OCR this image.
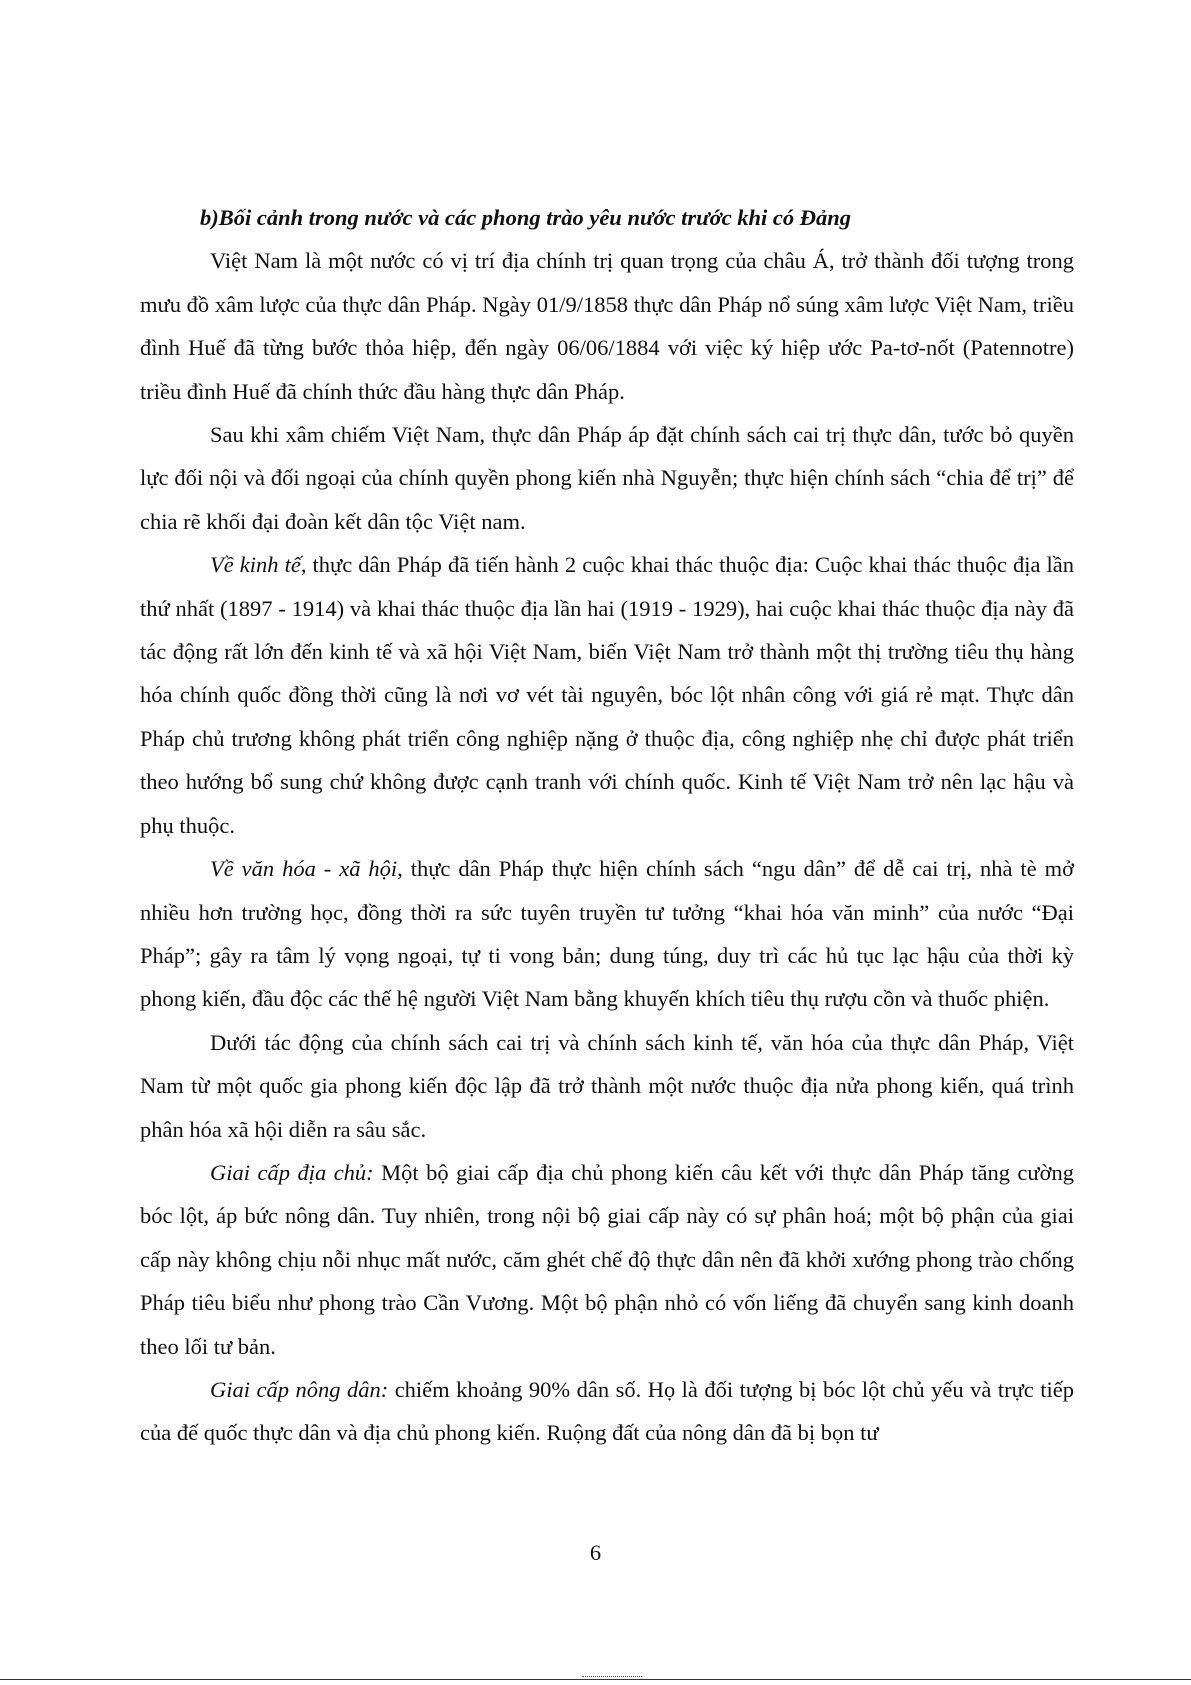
b)Bối cảnh trong nước và các phong trào yêu nước trước khi có Đảng

Việt Nam là một nước có vị trí địa chính trị quan trọng của châu Á, trở thành đối tượng trong mưu đồ xâm lược của thực dân Pháp. Ngày 01/9/1858 thực dân Pháp nổ súng xâm lược Việt Nam, triều đình Huế đã từng bước thỏa hiệp, đến ngày 06/06/1884 với việc ký hiệp ước Pa-tơ-nốt (Patennotre) triều đình Huế đã chính thức đầu hàng thực dân Pháp.

Sau khi xâm chiếm Việt Nam, thực dân Pháp áp đặt chính sách cai trị thực dân, tước bỏ quyền lực đối nội và đối ngoại của chính quyền phong kiến nhà Nguyễn; thực hiện chính sách “chia để trị” để chia rẽ khối đại đoàn kết dân tộc Việt nam.

Về kinh tế, thực dân Pháp đã tiến hành 2 cuộc khai thác thuộc địa: Cuộc khai thác thuộc địa lần thứ nhất (1897 - 1914) và khai thác thuộc địa lần hai (1919 - 1929), hai cuộc khai thác thuộc địa này đã tác động rất lớn đến kinh tế và xã hội Việt Nam, biến Việt Nam trở thành một thị trường tiêu thụ hàng hóa chính quốc đồng thời cũng là nơi vơ vét tài nguyên, bóc lột nhân công với giá rẻ mạt. Thực dân Pháp chủ trương không phát triển công nghiệp nặng ở thuộc địa, công nghiệp nhẹ chỉ được phát triển theo hướng bổ sung chứ không được cạnh tranh với chính quốc. Kinh tế Việt Nam trở nên lạc hậu và phụ thuộc.

Về văn hóa - xã hội, thực dân Pháp thực hiện chính sách “ngu dân” để dễ cai trị, nhà tè mở nhiều hơn trường học, đồng thời ra sức tuyên truyền tư tưởng “khai hóa văn minh” của nước “Đại Pháp”; gây ra tâm lý vọng ngoại, tự ti vong bản; dung túng, duy trì các hủ tục lạc hậu của thời kỳ phong kiến, đầu độc các thế hệ người Việt Nam bằng khuyến khích tiêu thụ rượu cồn và thuốc phiện.

Dưới tác động của chính sách cai trị và chính sách kinh tế, văn hóa của thực dân Pháp, Việt Nam từ một quốc gia phong kiến độc lập đã trở thành một nước thuộc địa nửa phong kiến, quá trình phân hóa xã hội diễn ra sâu sắc.

Giai cấp địa chủ: Một bộ giai cấp địa chủ phong kiến câu kết với thực dân Pháp tăng cường bóc lột, áp bức nông dân. Tuy nhiên, trong nội bộ giai cấp này có sự phân hoá; một bộ phận của giai cấp này không chịu nỗi nhục mất nước, căm ghét chế độ thực dân nên đã khởi xướng phong trào chống Pháp tiêu biểu như phong trào Cần Vương. Một bộ phận nhỏ có vốn liếng đã chuyển sang kinh doanh theo lối tư bản.

Giai cấp nông dân: chiếm khoảng 90% dân số. Họ là đối tượng bị bóc lột chủ yếu và trực tiếp của đế quốc thực dân và địa chủ phong kiến. Ruộng đất của nông dân đã bị bọn tư

6
